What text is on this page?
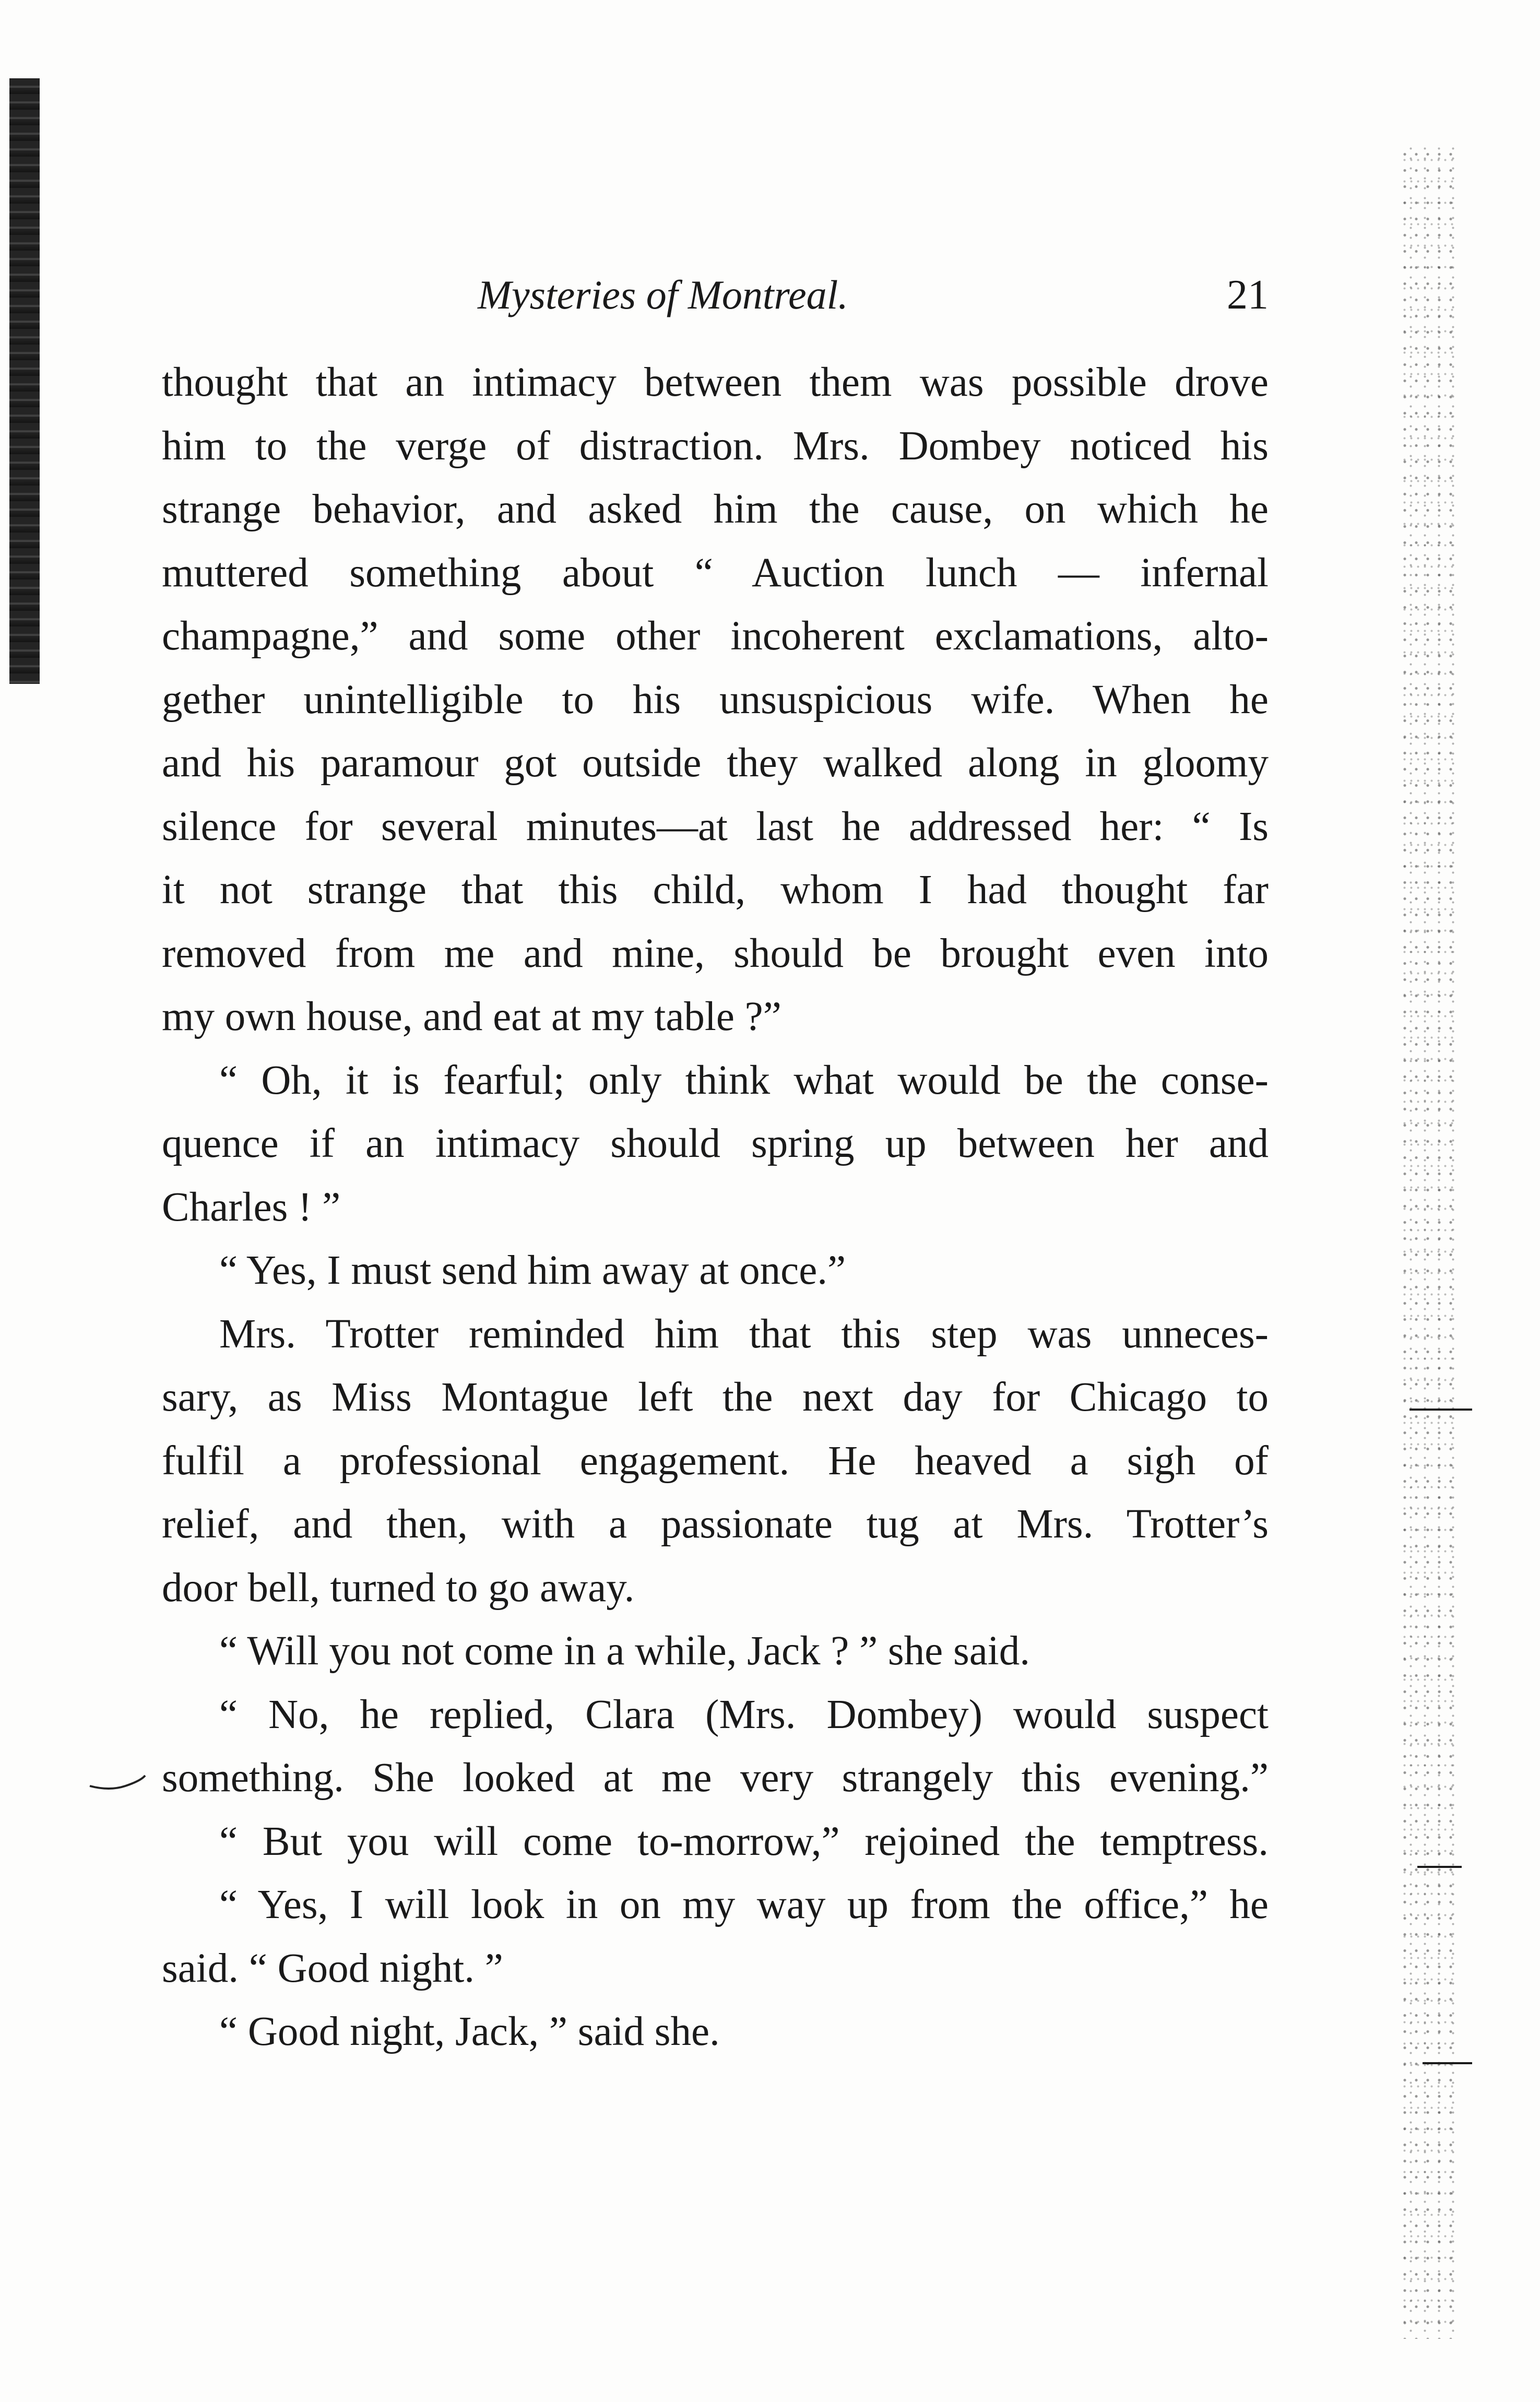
Mysteries of Montreal.	21
thought that an intimacy between them was possible drove
him to the verge of distraction. Mrs. Dombey noticed his
strange behavior, and asked him the cause, on which he
muttered something about “ Auction lunch — infernal
champagne,” and some other incoherent exclamations, alto-
gether unintelligible to his unsuspicious wife. When he
and his paramour got outside they walked along in gloomy
silence for several minutes—at last he addressed her: “ Is
it not strange that this child, whom I had thought far
removed from me and mine, should be brought even into
my own house, and eat at my table ?”
“ Oh, it is fearful; only think what would be the conse-
quence if an intimacy should spring up between her and
Charles ! ”
“ Yes, I must send him away at once.”
Mrs. Trotter reminded him that this step was unneces-
sary, as Miss Montague left the next day for Chicago to
fulfil a professional engagement. He heaved a sigh of
relief, and then, with a passionate tug at Mrs. Trotter’s
door bell, turned to go away.
“ Will you not come in a while, Jack ? ” she said.
“ No, he replied, Clara (Mrs. Dombey) would suspect
something. She looked at me very strangely this evening.”
“ But you will come to-morrow,” rejoined the temptress.
“ Yes, I will look in on my way up from the office,” he
said. “ Good night. ”
“ Good night, Jack, ” said she.
